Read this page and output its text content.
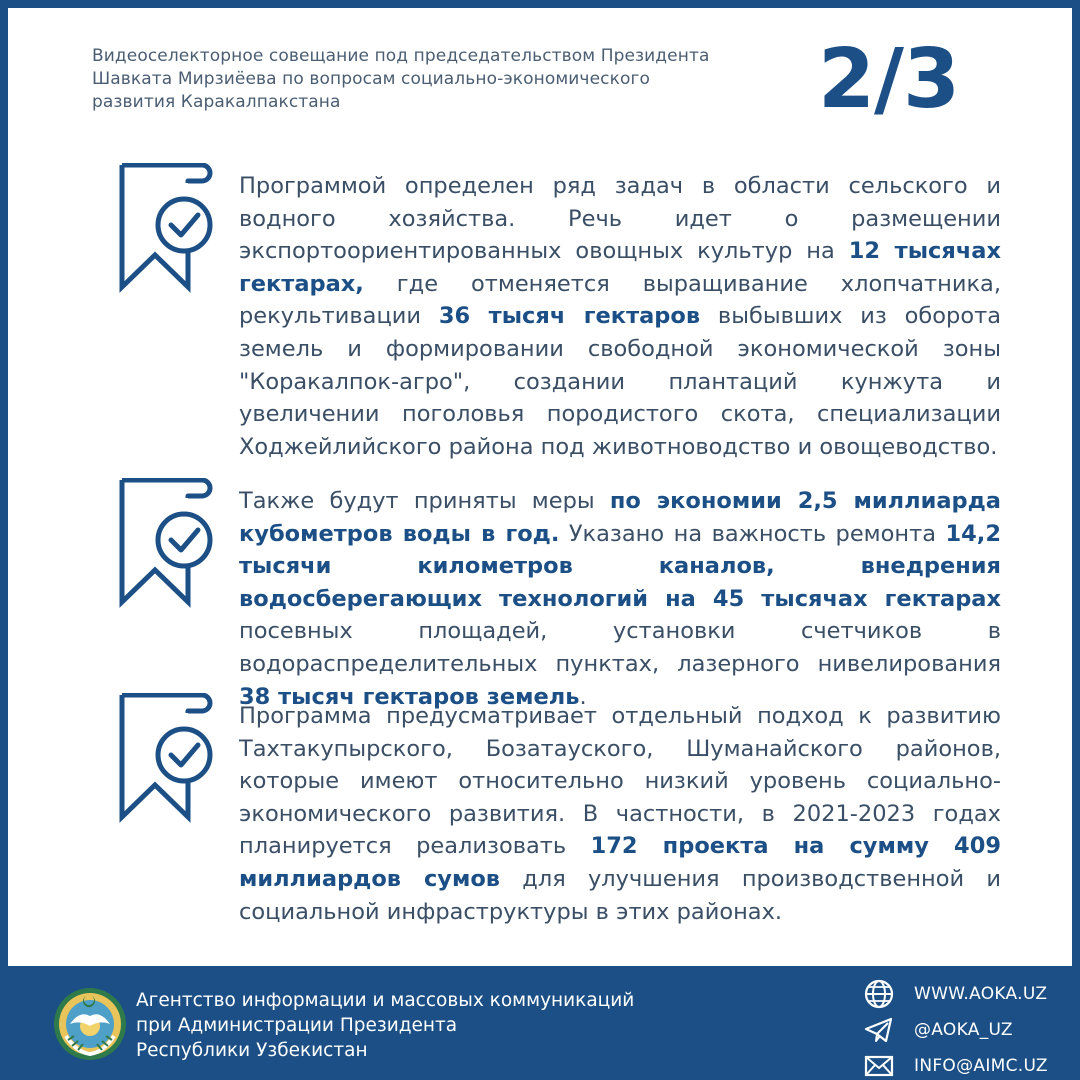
Видеоселекторное совещание под председательством Президента Шавката Мирзиёева по вопросам социально-экономического развития Каракалпакстана	2/3
Программой определен ряд задач в области сельского и водного хозяйства. Речь идет о размещении экспортоориентированных овощных культур на 12 тысячах гектарах, где отменяется выращивание хлопчатника, рекультивации 36 тысяч гектаров выбывших из оборота земель и формировании свободной экономической зоны "Коракалпок-агро", создании плантаций кунжута и увеличении поголовья породистого скота, специализации Ходжейлийского района под животноводство и овощеводство.
Также будут приняты меры по экономии 2,5 миллиарда кубометров воды в год. Указано на важность ремонта 14,2 тысячи километров каналов, внедрения водосберегающих технологий на 45 тысячах гектарах посевных площадей, установки счетчиков в водораспределительных пунктах, лазерного нивелирования 38 тысяч гектаров земель.
Программа предусматривает отдельный подход к развитию Тахтакупырского, Бозатауского, Шуманайского районов, которые имеют относительно низкий уровень социально-экономического развития. В частности, в 2021-2023 годах планируется реализовать 172 проекта на сумму 409 миллиардов сумов для улучшения производственной и социальной инфраструктуры в этих районах.
Агентство информации и массовых коммуникаций
при Администрации Президента
Республики Узбекистан
WWW.AOKA.UZ
@AOKA_UZ
INFO@AIMC.UZ
